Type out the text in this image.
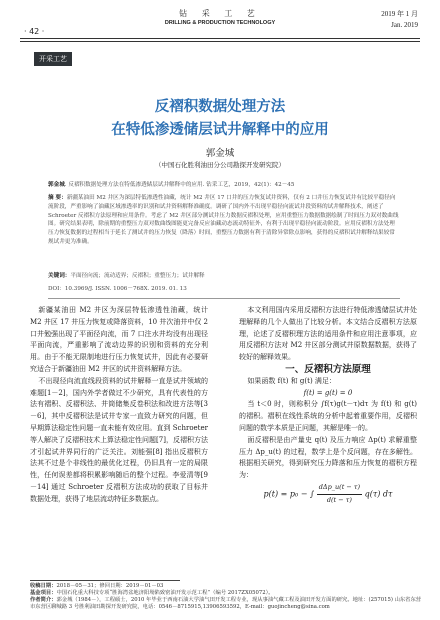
· 42 ·
钻 采 工 艺
DRILLING & PRODUCTION TECHNOLOGY
2019 年 1 月
Jan. 2019
开采工艺
反褶积数据处理方法
在特低渗透储层试井解释中的应用
郭金城
（中国石化胜利油田分公司勘探开发研究院）
郭金城. 反褶积数据处理方法在特低渗透储层试井解释中的应用. 钻采工艺，2019，42(1)：42－45
摘 要：新疆某油田 M2 井区为深层特低渗透性油藏，统计 M2 井区 17 口井的压力恢复试井资料，仅有 2 口井压力恢复试井有比较平稳径向流阶段，严重影响了油藏区域渗透率的识别和试井资料解释准确度。调研了国内外不出现平稳径向流试井段资料的试井解释技术，阐述了 Schroeter 反褶积方法原理和应用条件。考虑了 M2 井区部分测试井压力数据反褶积处理，应用重整压力数据数据绘制了时间压力双对数曲线图。研究结果表明，除前期的重整压力双对数曲线图能更完备反应油藏动态流动特征外，有利于出现平稳径向流动阶段。应用反褶积方法处理压力恢复数据的过程相当于延长了测试井的压力恢复（降落）时间，重整压力数据有利于清除异常除点影响，获得的反褶积试井解释结果较常规试井更为准确。
关键词：平面径向流；流动适界；反褶积；重整压力；试井解释
DOI：10.3969/J. ISSN. 1006－768X. 2019. 01. 13

新疆某油田 M2 井区为深层特低渗透性油藏，统计 M2 井区 17 井压力恢复或降落资料，10 井次油井中仅 2 口井勉强出现了平面径向流，而 7 口注水井均没有出现径平面向流，严重影响了流动边界的识别和资料的充分利用。由于不能无限制地进行压力恢复试井，因此有必要研究适合于新疆油田 M2 井区的试井资料解释方法。

不出现径向流直线段资料的试井解释一直是试井领域的难题[1－2]，国内外学者做过不少研究，具有代表性的方法有褶积、反褶积法、井筒储集反卷积法和改进方法等[3－6]，其中反褶积法是试井专家一直致力研究的问题，但早期算法稳定性问题一直未能有效应用。直到 Schroeter 等人解决了反褶积技术上算法稳定性问题[7]，反褶积方法才引起试井界同行的广泛关注。刘能强[8] 指出反褶积方法其不过是个非线性的最优化过程，仍旧具有一定的局限性，任何误差都将积累影响随后的整个过程。李爱清等[9－14] 通过 Schroeter 反褶积方法成功的获取了目标井数据处理，获得了地层流动特征多数据点。

本文利用国内采用反褶积方法进行特低渗透储层试井处理解释的几个人做出了比较分析。本文结合反褶积方法原理，论述了反褶积理方法的适用条件和应用注意事项，应用反褶积方法对 M2 井区部分测试井原数据数据，获得了较好的解释效果。

一、反褶积方法原理

如果函数 f(t) 和 g(t) 满足：

f(t) = g(t) = 0

当 t＜0 时，则称积分 ∫f(τ)g(t－τ)dτ 为 f(t) 和 g(t) 的褶积。褶积在线性系统的分析中起着重要作用，反褶积问题的数学本质是正问题，其解是唯一的。

面反褶积是由产量史 q(t) 及压力响应 Δp(t) 求解重整压力 Δp_u(t) 的过程，数学上是个反问题，存在多解性。根据相关研究，得到研究压力降落和压力恢复的褶积方程为：

p(t) = p₀ − ∫ $\frac{\text{dΔp\_u(t − τ)}}{d(t - \tau)} q(\tau)$ dτ

收稿日期：2018－05－31；修回日期：2019－01－03
基金项目：中国石化重大科技专项“胜海湾盆地济阳坳陷致密油开发示范工程”（编号 2017ZX05072）。
作者简介：郭金城（1984－），工程硕士，2010 年毕业于西南石油大学油气田开发工程专业，现从事油气藏工程及油田开发方面的研究。地址：(257015) 山东省东营市东营区聊城路 3 号胜利油田勘探开发研究院，电话：0546－8715915,13906593592，E-mail：guojincheng@sina.com
